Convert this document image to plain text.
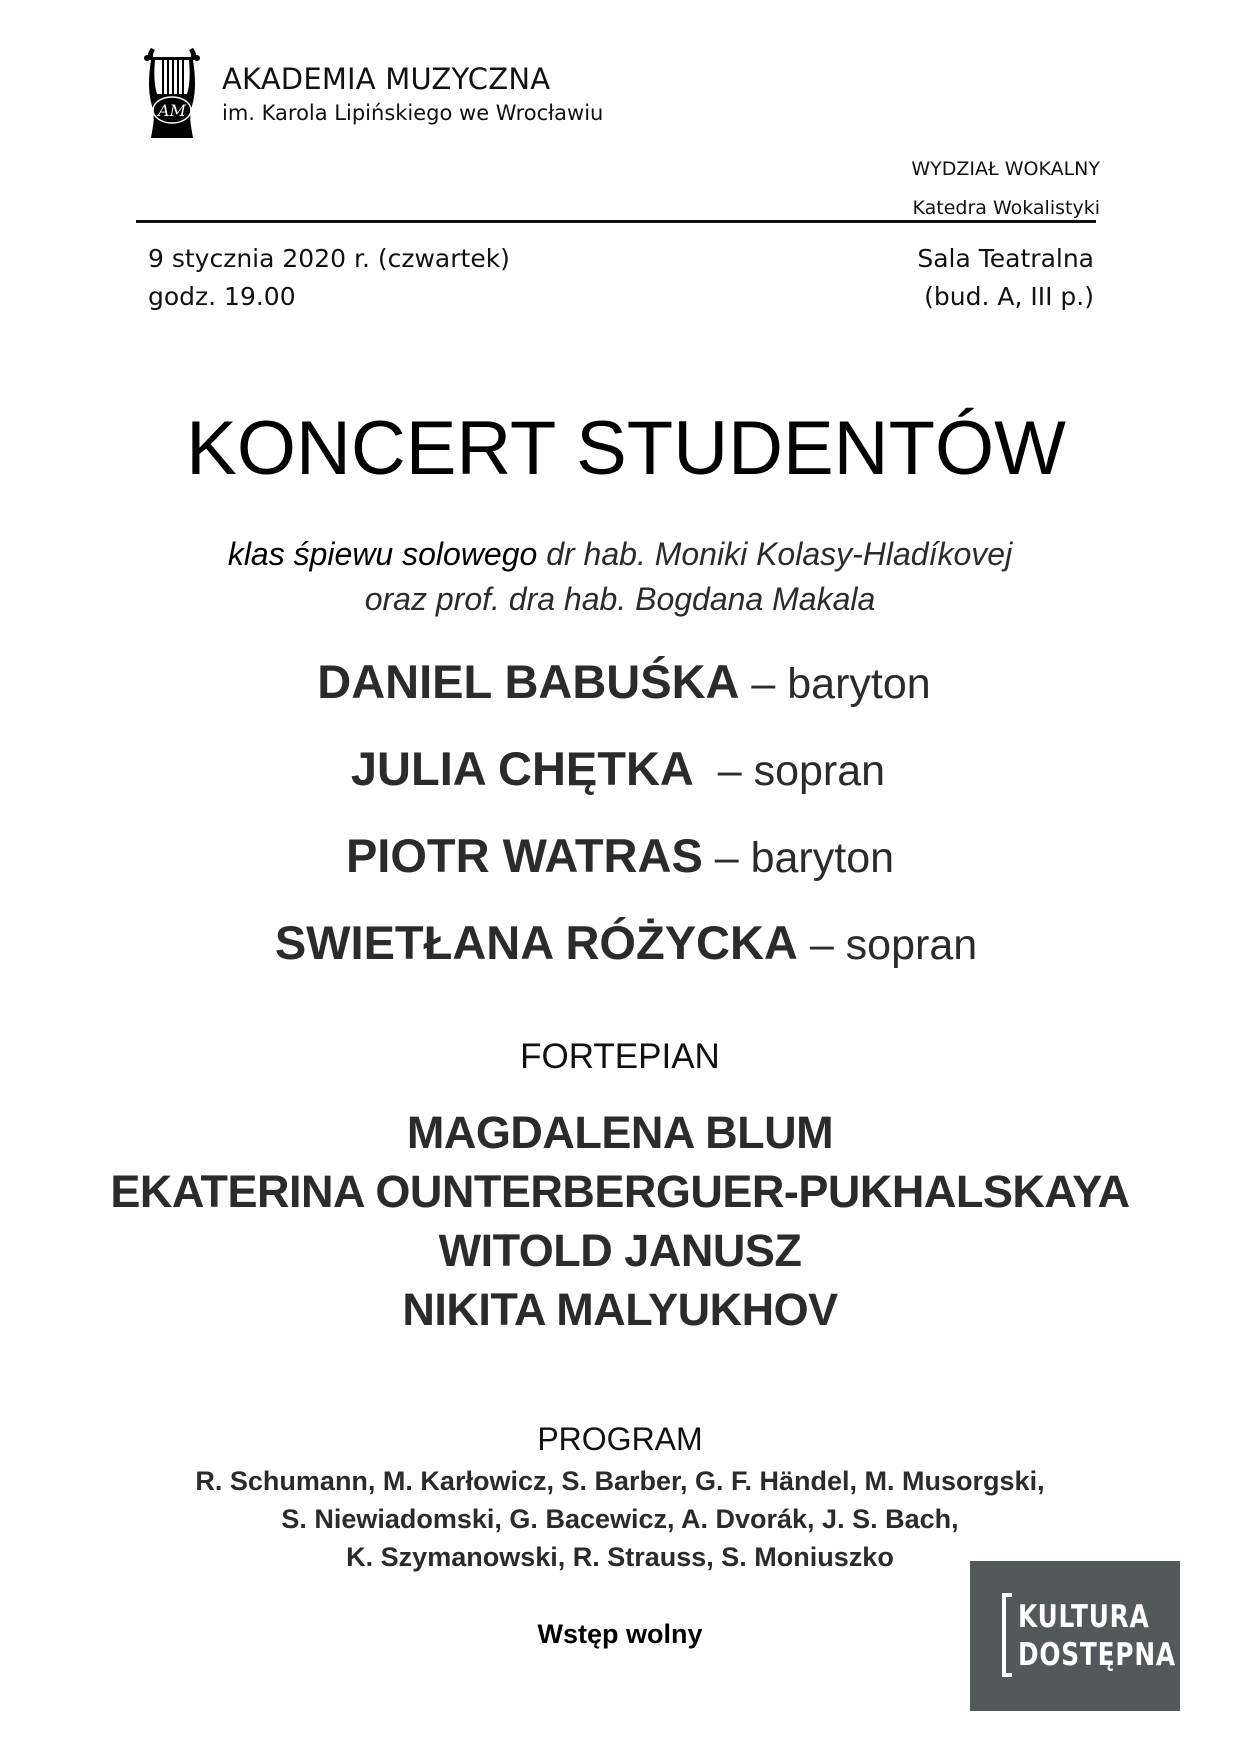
AM
AKADEMIA MUZYCZNA
im. Karola Lipińskiego we Wrocławiu
WYDZIAŁ WOKALNY
Katedra Wokalistyki
9 stycznia 2020 r. (czwartek)
godz. 19.00
Sala Teatralna
(bud. A, III p.)
KONCERT STUDENTÓW
klas śpiewu solowego dr hab. Moniki Kolasy-Hladíkovej
oraz prof. dra hab. Bogdana Makala
DANIEL BABUŚKA – baryton
JULIA CHĘTKA  – sopran
PIOTR WATRAS – baryton
SWIETŁANA RÓŻYCKA – sopran
FORTEPIAN
MAGDALENA BLUM
EKATERINA OUNTERBERGUER-PUKHALSKAYA
WITOLD JANUSZ
NIKITA MALYUKHOV
PROGRAM
R. Schumann, M. Karłowicz, S. Barber, G. F. Händel, M. Musorgski,
S. Niewiadomski, G. Bacewicz, A. Dvorák, J. S. Bach,
K. Szymanowski, R. Strauss, S. Moniuszko
Wstęp wolny	KULTURA
DOSTĘPNA
